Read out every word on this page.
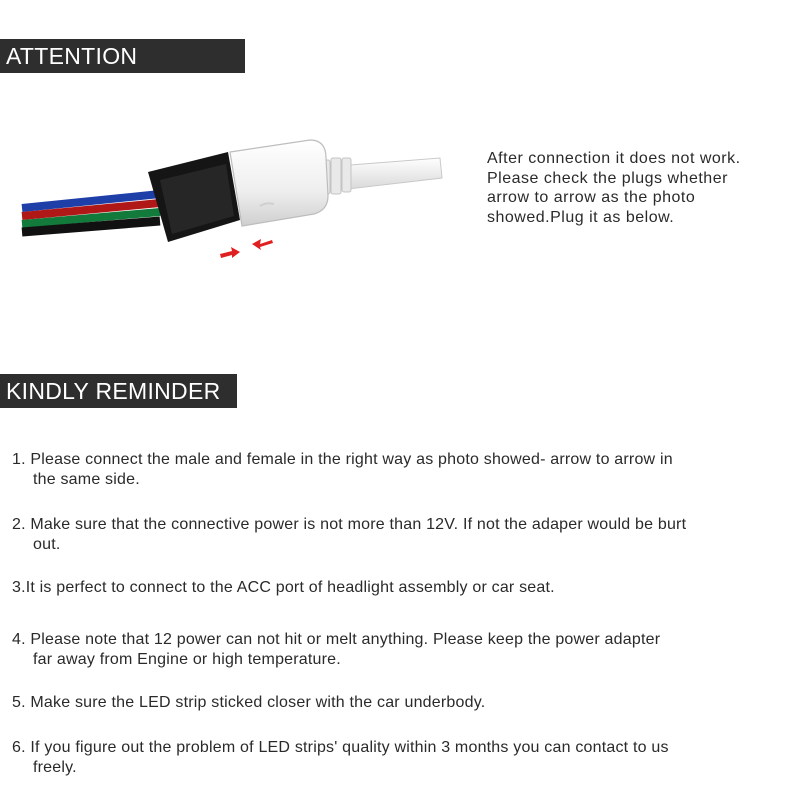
ATTENTION
After connection it does not work.
Please check the plugs whether
arrow to arrow as the photo
showed.Plug it as below.
KINDLY REMINDER
1. Please connect the male and female in the right way as photo showed- arrow to arrow in
the same side.
2. Make sure that the connective power is not more than 12V. If not the adaper would be burt
out.
3.It is perfect to connect to the ACC port of headlight assembly or car seat.
4. Please note that 12 power can not hit or melt anything. Please keep the power adapter
far away from Engine or high temperature.
5. Make sure the LED strip sticked closer with the car underbody.
6. If you figure out the problem of LED strips' quality within 3 months you can contact to us
freely.
